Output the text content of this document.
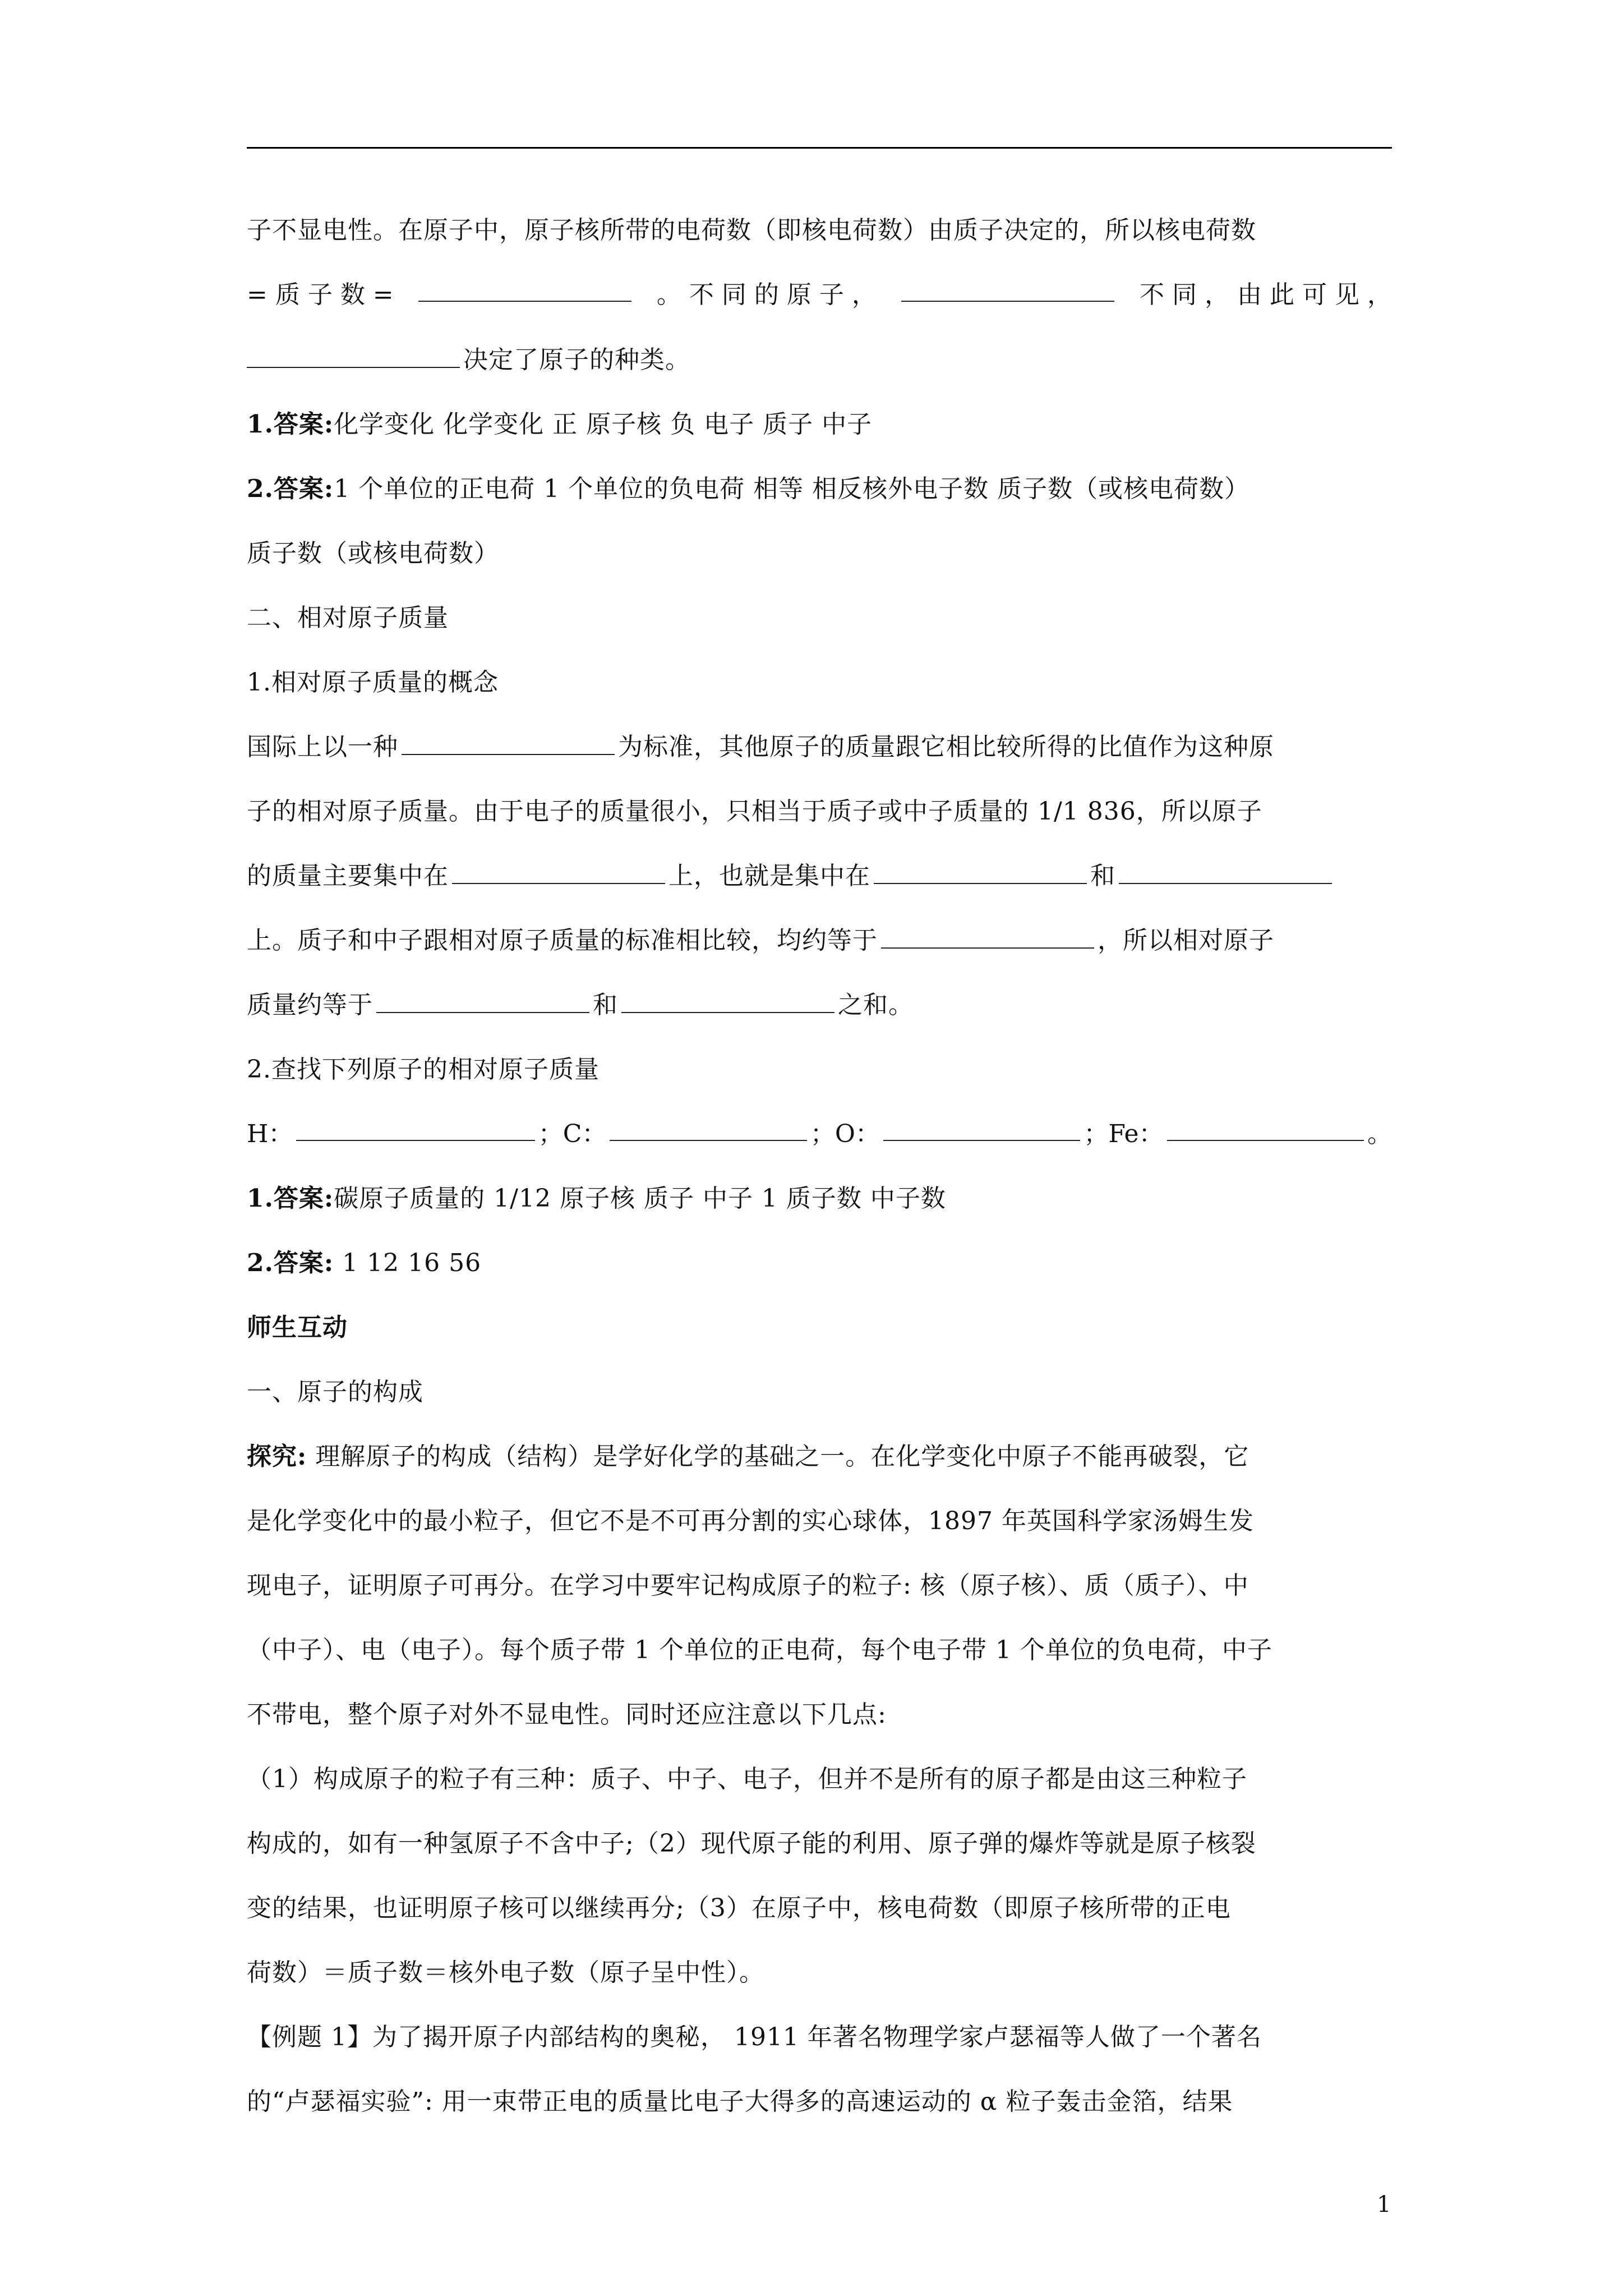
子不显电性。在原子中，原子核所带的电荷数（即核电荷数）由质子决定的，所以核电荷数
= 质 子 数 =	。 不 同 的 原 子 ，	不 同 ， 由 此 可 见 ，
决定了原子的种类。
1.答案:化学变化 化学变化 正 原子核 负 电子 质子 中子
2.答案:1 个单位的正电荷 1 个单位的负电荷 相等 相反核外电子数 质子数（或核电荷数）
质子数（或核电荷数）
二、相对原子质量
1.相对原子质量的概念
国际上以一种	为标准，其他原子的质量跟它相比较所得的比值作为这种原
子的相对原子质量。由于电子的质量很小，只相当于质子或中子质量的 1/1 836，所以原子
的质量主要集中在	上，也就是集中在	和
上。质子和中子跟相对原子质量的标准相比较，均约等于	，所以相对原子
质量约等于	和	之和。
2.查找下列原子的相对原子质量
H：	；C：	；O：	；Fe：	。
1.答案:碳原子质量的 1/12 原子核 质子 中子 1 质子数 中子数
2.答案: 1 12 16 56
师生互动
一、原子的构成
探究: 理解原子的构成（结构）是学好化学的基础之一。在化学变化中原子不能再破裂，它
是化学变化中的最小粒子，但它不是不可再分割的实心球体，1897 年英国科学家汤姆生发
现电子，证明原子可再分。在学习中要牢记构成原子的粒子: 核（原子核）、质（质子）、中
（中子）、电（电子）。每个质子带 1 个单位的正电荷，每个电子带 1 个单位的负电荷，中子
不带电，整个原子对外不显电性。同时还应注意以下几点:
（1）构成原子的粒子有三种：质子、中子、电子，但并不是所有的原子都是由这三种粒子
构成的，如有一种氢原子不含中子;（2）现代原子能的利用、原子弹的爆炸等就是原子核裂
变的结果，也证明原子核可以继续再分;（3）在原子中，核电荷数（即原子核所带的正电
荷数）＝质子数＝核外电子数（原子呈中性）。
【例题 1】为了揭开原子内部结构的奥秘， 1911 年著名物理学家卢瑟福等人做了一个著名
的“卢瑟福实验”: 用一束带正电的质量比电子大得多的高速运动的 α 粒子轰击金箔，结果
1
